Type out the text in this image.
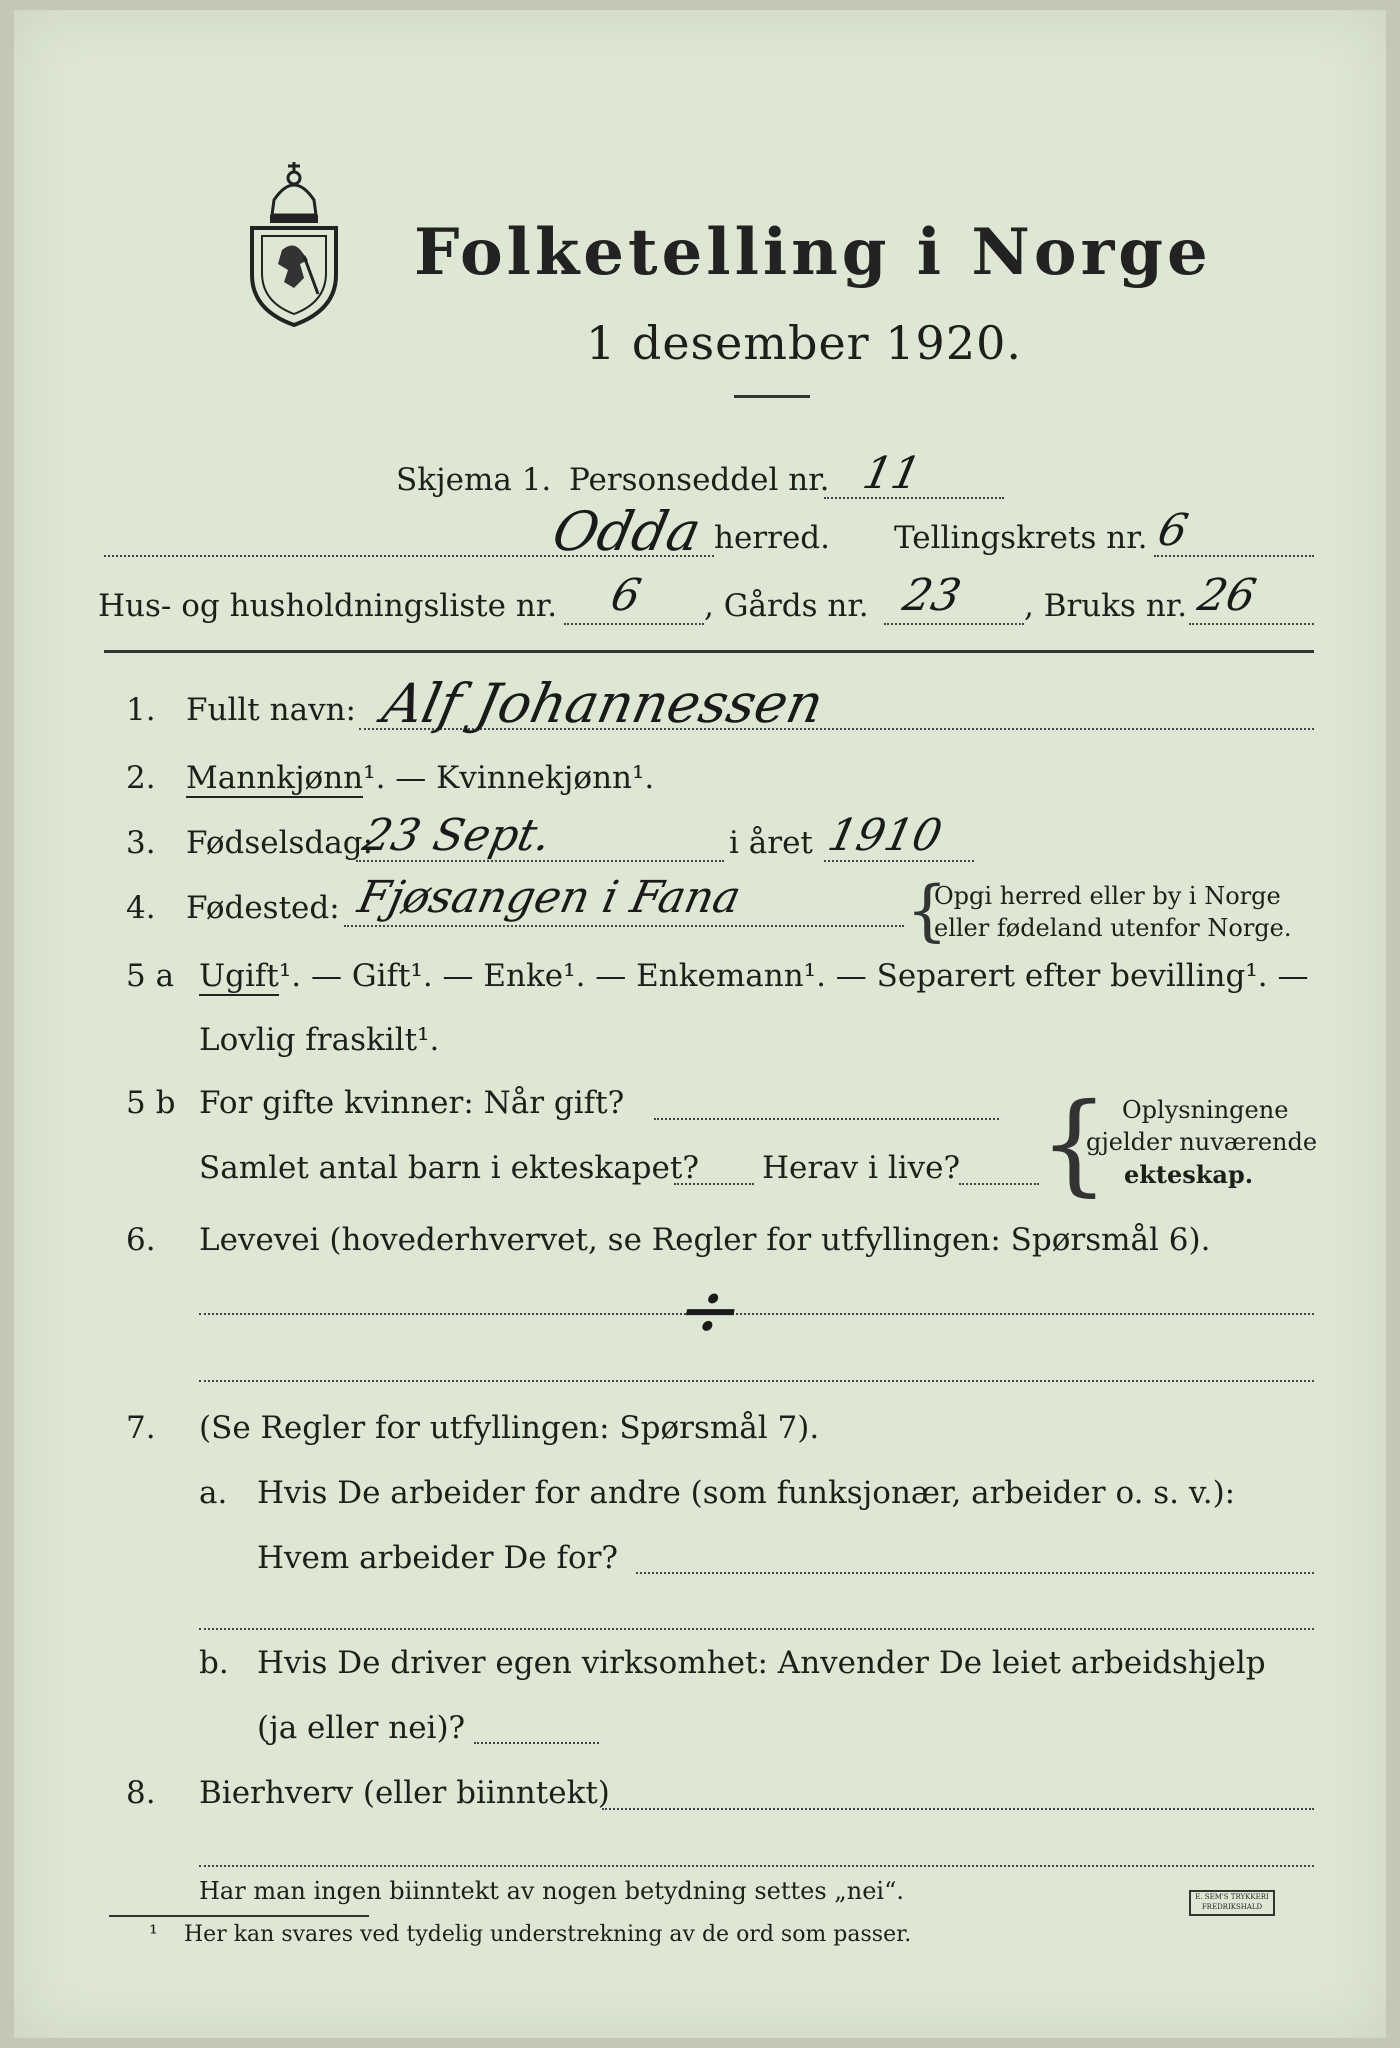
Folketelling i Norge
1 desember 1920.
Skjema 1. Personseddel nr. 11
Odda herred. Tellingskrets nr. 6
Hus- og husholdningsliste nr. 6 , Gårds nr. 23 , Bruks nr. 26
1. Fullt navn: Alf Johannessen
2. Mannkjønn¹. — Kvinnekjønn¹.
3. Fødselsdag:
23 Sept.	i året 1910
4. Fødested: Fjøsangen i Fana {
Opgi herred eller by i Norge
eller fødeland utenfor Norge.
5 a Ugift¹. — Gift¹. — Enke¹. — Enkemann¹. — Separert efter bevilling¹. —
Lovlig fraskilt¹.
5 b For gifte kvinner: Når gift?
Samlet antal barn i ekteskapet? Herav i live? { Oplysningene
gjelder nuværende
ekteskap.
6. Levevei (hovederhvervet, se Regler for utfyllingen: Spørsmål 6).
÷
7. (Se Regler for utfyllingen: Spørsmål 7).
a. Hvis De arbeider for andre (som funksjonær, arbeider o. s. v.):
Hvem arbeider De for?
b. Hvis De driver egen virksomhet: Anvender De leiet arbeidshjelp
(ja eller nei)?
8. Bierhverv (eller biinntekt)
Har man ingen biinntekt av nogen betydning settes „nei“.
¹ Her kan svares ved tydelig understrekning av de ord som passer.
E. SEM'S TRYKKERI FREDRIKSHALD
